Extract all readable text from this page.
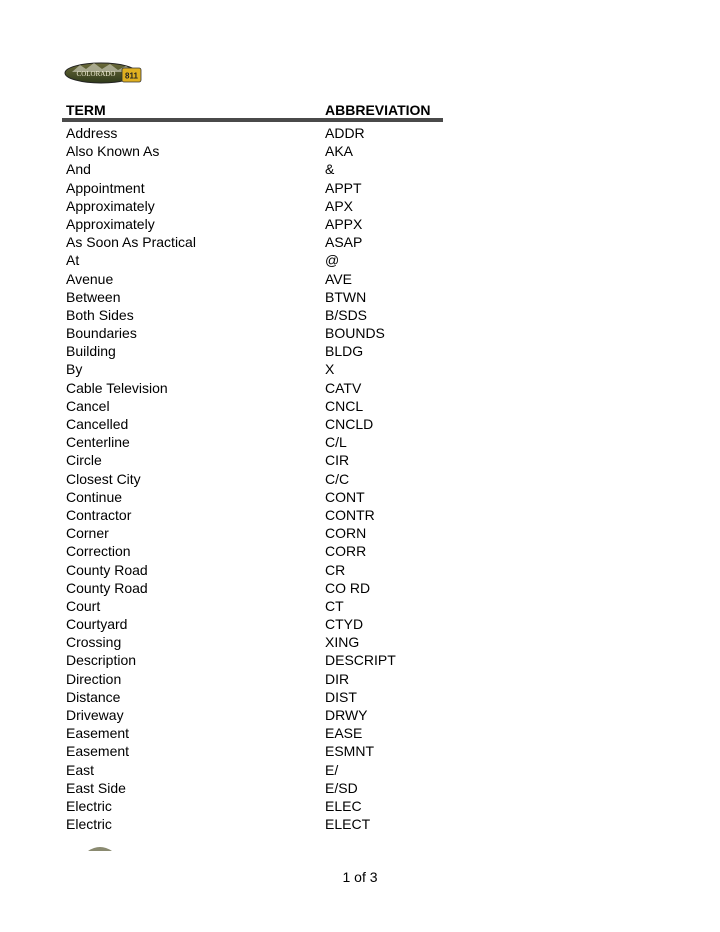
811
COLORADO
TERM	ABBREVIATION
Address	ADDR
Also Known As	AKA
And	&
Appointment	APPT
Approximately	APX
Approximately	APPX
As Soon As Practical	ASAP
At	@
Avenue	AVE
Between	BTWN
Both Sides	B/SDS
Boundaries	BOUNDS
Building	BLDG
By	X
Cable Television	CATV
Cancel	CNCL
Cancelled	CNCLD
Centerline	C/L
Circle	CIR
Closest City	C/C
Continue	CONT
Contractor	CONTR
Corner	CORN
Correction	CORR
County Road	CR
County Road	CO RD
Court	CT
Courtyard	CTYD
Crossing	XING
Description	DESCRIPT
Direction	DIR
Distance	DIST
Driveway	DRWY
Easement	EASE
Easement	ESMNT
East	E/
East Side	E/SD
Electric	ELEC
Electric	ELECT
1 of 3
